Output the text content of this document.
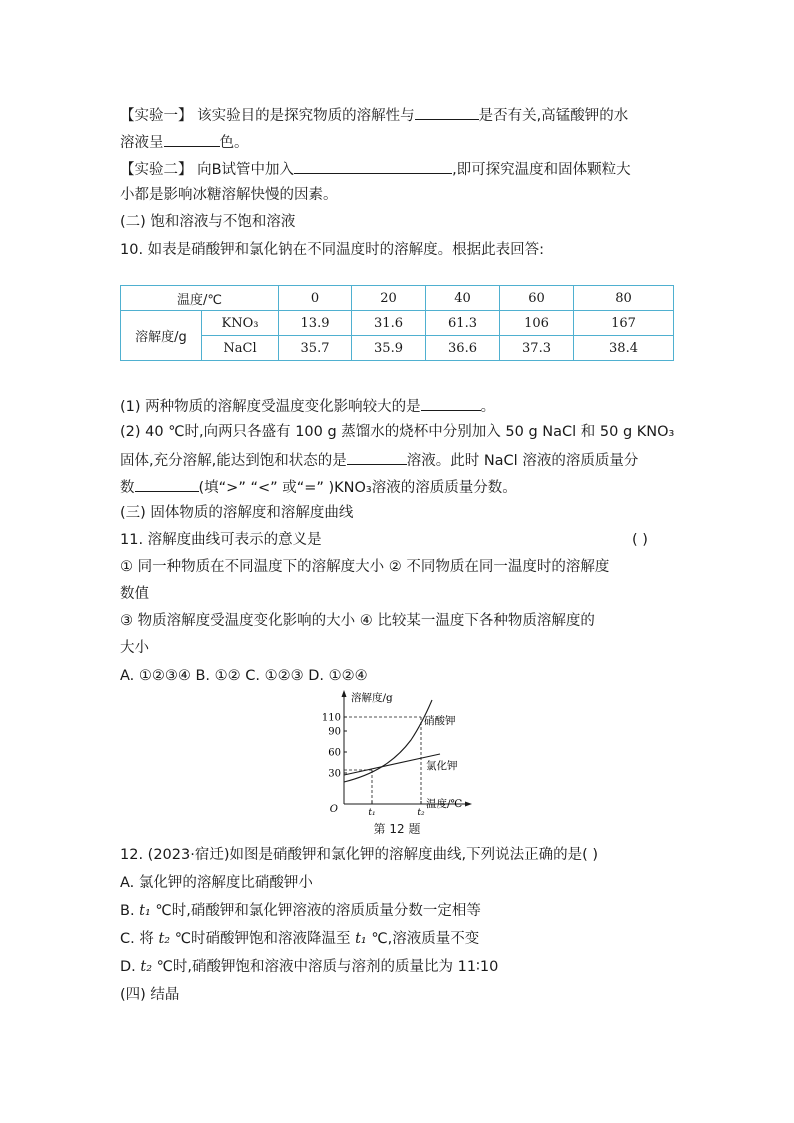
【实验一】 该实验目的是探究物质的溶解性与	是否有关,高锰酸钾的水
溶液呈	色。
【实验二】 向B试管中加入	,即可探究温度和固体颗粒大
小都是影响冰糖溶解快慢的因素。
(二) 饱和溶液与不饱和溶液
10. 如表是硝酸钾和氯化钠在不同温度时的溶解度。根据此表回答:
温度/℃		0	20	40	60	80
溶解度/g	KNO₃	13.9	31.6	61.3	106	167
	NaCl	35.7	35.9	36.6	37.3	38.4
(1) 两种物质的溶解度受温度变化影响较大的是	。
(2) 40 ℃时,向两只各盛有 100 g 蒸馏水的烧杯中分别加入 50 g NaCl 和 50 g KNO₃
固体,充分溶解,能达到饱和状态的是	溶液。此时 NaCl 溶液的溶质质量分
数	(填“>” “<” 或“=” )KNO₃溶液的溶质质量分数。
(三) 固体物质的溶解度和溶解度曲线
11. 溶解度曲线可表示的意义是	( )
① 同一种物质在不同温度下的溶解度大小 ② 不同物质在同一温度时的溶解度
数值
③ 物质溶解度受温度变化影响的大小 ④ 比较某一温度下各种物质溶解度的
大小
A. ①②③④ B. ①② C. ①②③ D. ①②④
溶解度/g
温度/℃
O
110
90
60
30
t₁	t₂
硝酸钾
氯化钾
第 12 题
12. (2023·宿迁)如图是硝酸钾和氯化钾的溶解度曲线,下列说法正确的是( )
A. 氯化钾的溶解度比硝酸钾小
B. t₁ ℃时,硝酸钾和氯化钾溶液的溶质质量分数一定相等
C. 将 t₂ ℃时硝酸钾饱和溶液降温至 t₁ ℃,溶液质量不变
D. t₂ ℃时,硝酸钾饱和溶液中溶质与溶剂的质量比为 11∶10
(四) 结晶
